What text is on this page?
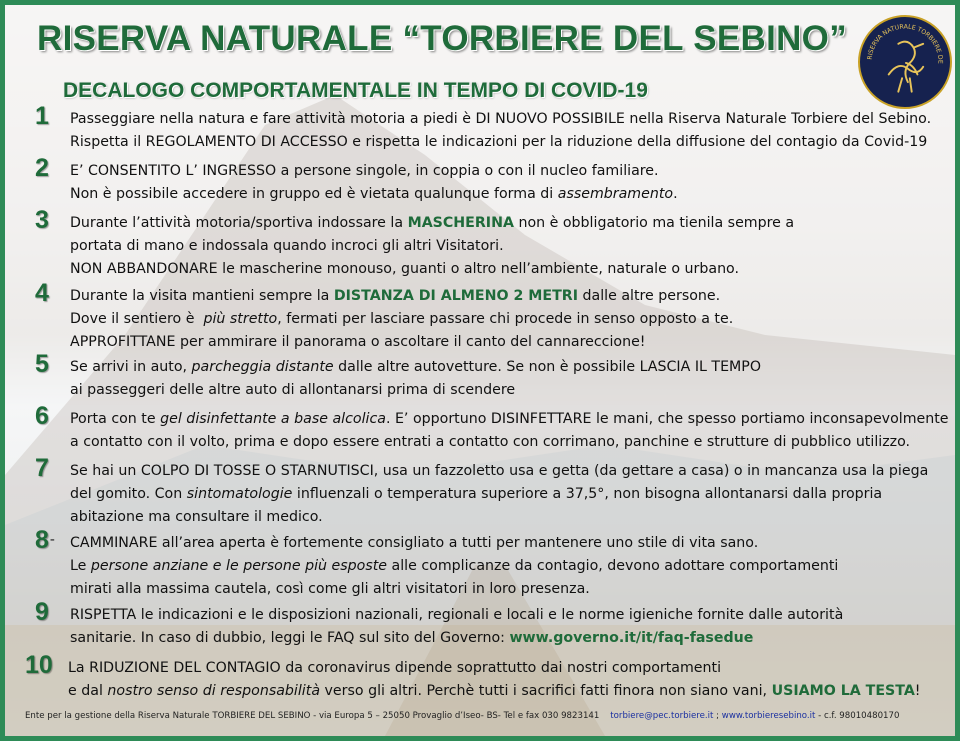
RISERVA NATURALE “TORBIERE DEL SEBINO”	RISERVA NATURALE TORBIERE DE
DECALOGO COMPORTAMENTALE IN TEMPO DI COVID-19
1 Passeggiare nella natura e fare attività motoria a piedi è DI NUOVO POSSIBILE nella Riserva Naturale Torbiere del Sebino.
Rispetta il REGOLAMENTO DI ACCESSO e rispetta le indicazioni per la riduzione della diffusione del contagio da Covid-19
2 E’ CONSENTITO L’ INGRESSO a persone singole, in coppia o con il nucleo familiare.
Non è possibile accedere in gruppo ed è vietata qualunque forma di assembramento.
3 Durante l’attività motoria/sportiva indossare la MASCHERINA non è obbligatorio ma tienila sempre a
portata di mano e indossala quando incroci gli altri Visitatori.
NON ABBANDONARE le mascherine monouso, guanti o altro nell’ambiente, naturale o urbano.
4 Durante la visita mantieni sempre la DISTANZA DI ALMENO 2 METRI dalle altre persone.
Dove il sentiero è più stretto, fermati per lasciare passare chi procede in senso opposto a te.
APPROFITTANE per ammirare il panorama o ascoltare il canto del cannareccione!
5 Se arrivi in auto, parcheggia distante dalle altre autovetture. Se non è possibile LASCIA IL TEMPO
ai passeggeri delle altre auto di allontanarsi prima di scendere
6 Porta con te gel disinfettante a base alcolica. E’ opportuno DISINFETTARE le mani, che spesso portiamo inconsapevolmente
a contatto con il volto, prima e dopo essere entrati a contatto con corrimano, panchine e strutture di pubblico utilizzo.
7 Se hai un COLPO DI TOSSE O STARNUTISCI, usa un fazzoletto usa e getta (da gettare a casa) o in mancanza usa la piega
del gomito. Con sintomatologie influenzali o temperatura superiore a 37,5°, non bisogna allontanarsi dalla propria
abitazione ma consultare il medico.
8- CAMMINARE all’area aperta è fortemente consigliato a tutti per mantenere uno stile di vita sano.
Le persone anziane e le persone più esposte alle complicanze da contagio, devono adottare comportamenti
mirati alla massima cautela, così come gli altri visitatori in loro presenza.
9 RISPETTA le indicazioni e le disposizioni nazionali, regionali e locali e le norme igieniche fornite dalle autorità
sanitarie. In caso di dubbio, leggi le FAQ sul sito del Governo: www.governo.it/it/faq-fasedue
10 La RIDUZIONE DEL CONTAGIO da coronavirus dipende soprattutto dai nostri comportamenti
e dal nostro senso di responsabilità verso gli altri. Perchè tutti i sacrifici fatti finora non siano vani, USIAMO LA TESTA!
Ente per la gestione della Riserva Naturale TORBIERE DEL SEBINO - via Europa 5 – 25050 Provaglio d’Iseo- BS- Tel e fax 030 9823141 torbiere@pec.torbiere.it ; www.torbieresebino.it - c.f. 98010480170
